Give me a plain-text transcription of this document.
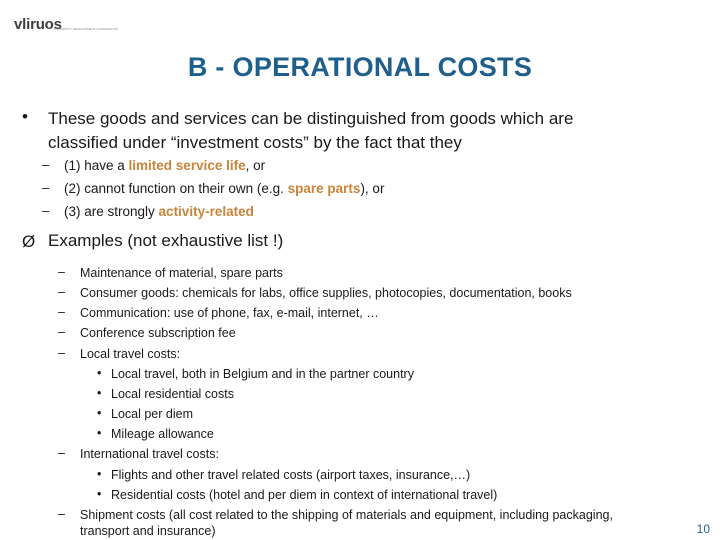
vliruos
UNIVERSITY DEVELOPMENT COOPERATION
B - OPERATIONAL COSTS
• These goods and services can be distinguished from goods which are
classified under “investment costs” by the fact that they
– (1) have a limited service life, or
– (2) cannot function on their own (e.g. spare parts), or
– (3) are strongly activity-related
Ø Examples (not exhaustive list !)
– Maintenance of material, spare parts
– Consumer goods: chemicals for labs, office supplies, photocopies, documentation, books
– Communication: use of phone, fax, e-mail, internet, …
– Conference subscription fee
– Local travel costs:
• Local travel, both in Belgium and in the partner country
• Local residential costs
• Local per diem
• Mileage allowance
– International travel costs:
• Flights and other travel related costs (airport taxes, insurance,…)
• Residential costs (hotel and per diem in context of international travel)
– Shipment costs (all cost related to the shipping of materials and equipment, including packaging,
transport and insurance)	10
